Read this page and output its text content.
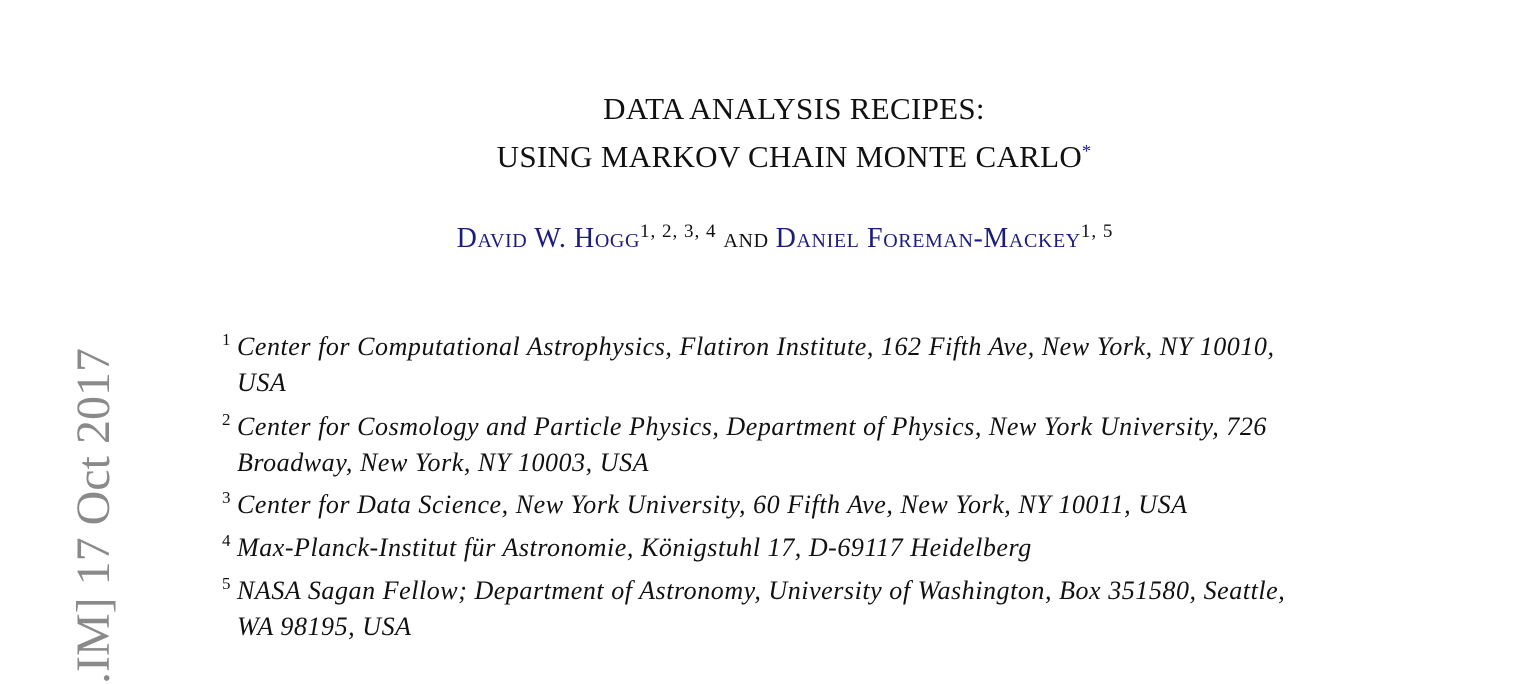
.IM] 17 Oct 2017
DATA ANALYSIS RECIPES:
USING MARKOV CHAIN MONTE CARLO*
David W. Hogg$^{1, 2, 3, 4}$ and Daniel Foreman-Mackey$^{1, 5}$
1 Center for Computational Astrophysics, Flatiron Institute, 162 Fifth Ave, New York, NY 10010,
USA
2 Center for Cosmology and Particle Physics, Department of Physics, New York University, 726
Broadway, New York, NY 10003, USA
3 Center for Data Science, New York University, 60 Fifth Ave, New York, NY 10011, USA
4 Max-Planck-Institut für Astronomie, Königstuhl 17, D-69117 Heidelberg
5 NASA Sagan Fellow; Department of Astronomy, University of Washington, Box 351580, Seattle,
WA 98195, USA
